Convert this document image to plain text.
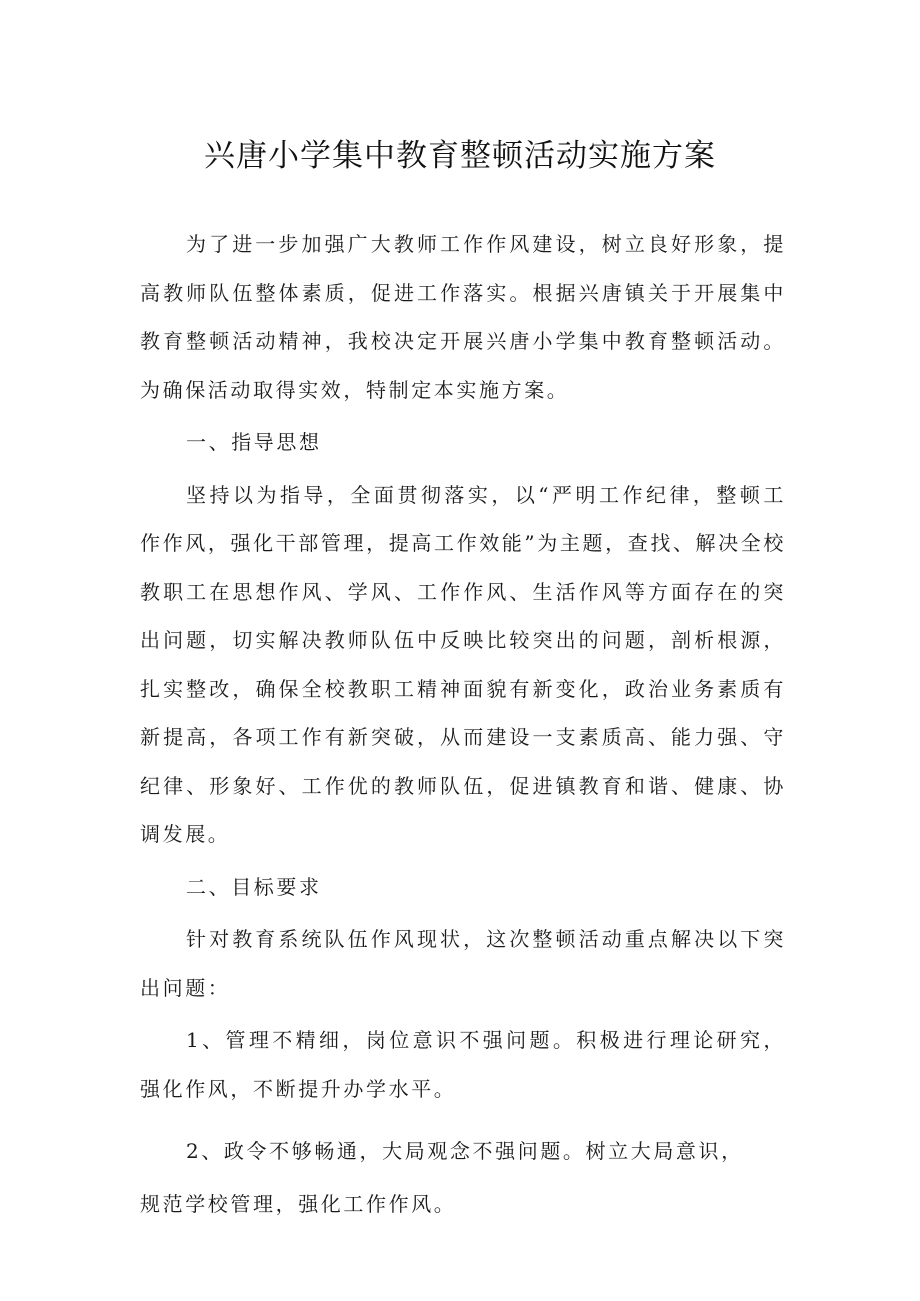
兴唐小学集中教育整顿活动实施方案

为了进一步加强广大教师工作作风建设，树立良好形象，提高教师队伍整体素质，促进工作落实。根据兴唐镇关于开展集中教育整顿活动精神，我校决定开展兴唐小学集中教育整顿活动。为确保活动取得实效，特制定本实施方案。

一、指导思想

坚持以为指导，全面贯彻落实，以“严明工作纪律，整顿工作作风，强化干部管理，提高工作效能”为主题，查找、解决全校教职工在思想作风、学风、工作作风、生活作风等方面存在的突出问题，切实解决教师队伍中反映比较突出的问题，剖析根源，扎实整改，确保全校教职工精神面貌有新变化，政治业务素质有新提高，各项工作有新突破，从而建设一支素质高、能力强、守纪律、形象好、工作优的教师队伍，促进镇教育和谐、健康、协调发展。

二、目标要求

针对教育系统队伍作风现状，这次整顿活动重点解决以下突出问题：

1、管理不精细，岗位意识不强问题。积极进行理论研究，强化作风，不断提升办学水平。

2、政令不够畅通，大局观念不强问题。树立大局意识，

规范学校管理，强化工作作风。
